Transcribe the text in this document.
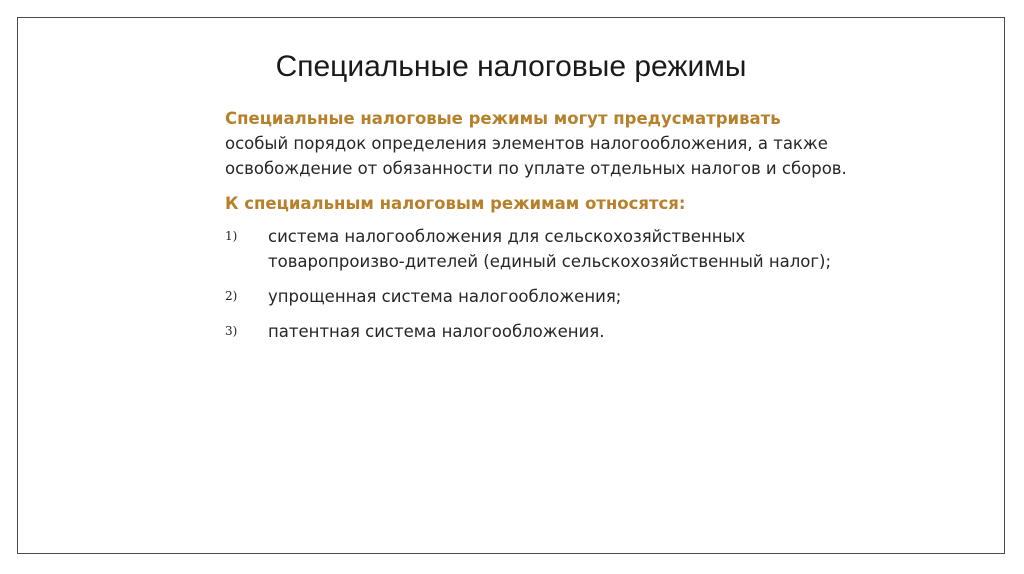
Специальные налоговые режимы

Специальные налоговые режимы могут предусматривать
особый порядок определения элементов налогообложения, а также освобождение от обязанности по уплате отдельных налогов и сборов.

К специальным налоговым режимам относятся:

1)	система налогообложения для сельскохозяйственных товаропроизво-дителей (единый сельскохозяйственный налог);
2)	упрощенная система налогообложения;
3)	патентная система налогообложения.
